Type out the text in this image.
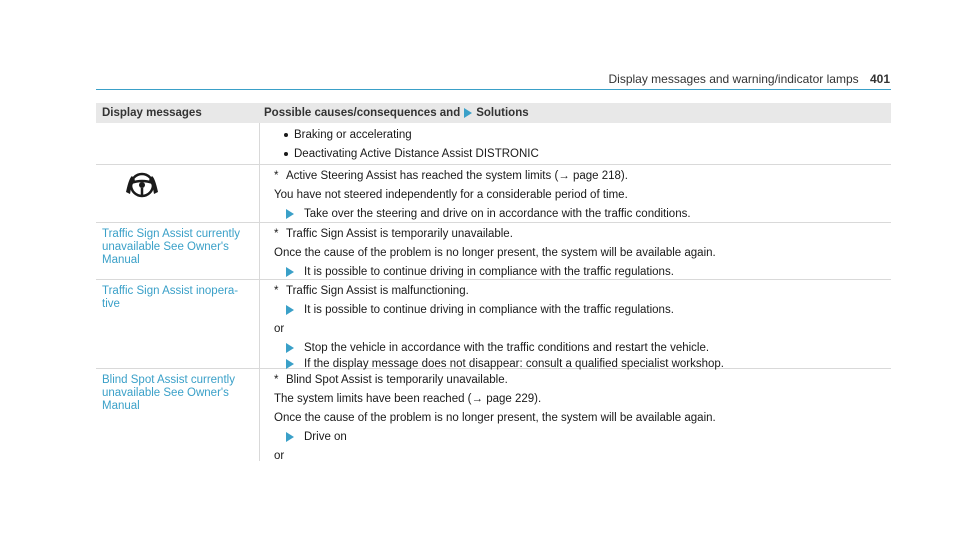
Display messages and warning/indicator lamps 401
Display messages	Possible causes/consequences and Solutions
Braking or accelerating
Deactivating Active Distance Assist DISTRONIC
* Active Steering Assist has reached the system limits (→ page 218).

You have not steered independently for a considerable period of time.

Take over the steering and drive on in accordance with the traffic conditions.
Traffic Sign Assist currently unavailable See Owner's Manual
* Traffic Sign Assist is temporarily unavailable.

Once the cause of the problem is no longer present, the system will be available again.

It is possible to continue driving in compliance with the traffic regulations.
Traffic Sign Assist inopera-tive
* Traffic Sign Assist is malfunctioning.
It is possible to continue driving in compliance with the traffic regulations.

or

Stop the vehicle in accordance with the traffic conditions and restart the vehicle.
If the display message does not disappear: consult a qualified specialist workshop.
Blind Spot Assist currently unavailable See Owner's Manual
* Blind Spot Assist is temporarily unavailable.

The system limits have been reached (→ page 229).

Once the cause of the problem is no longer present, the system will be available again.

Drive on

or
